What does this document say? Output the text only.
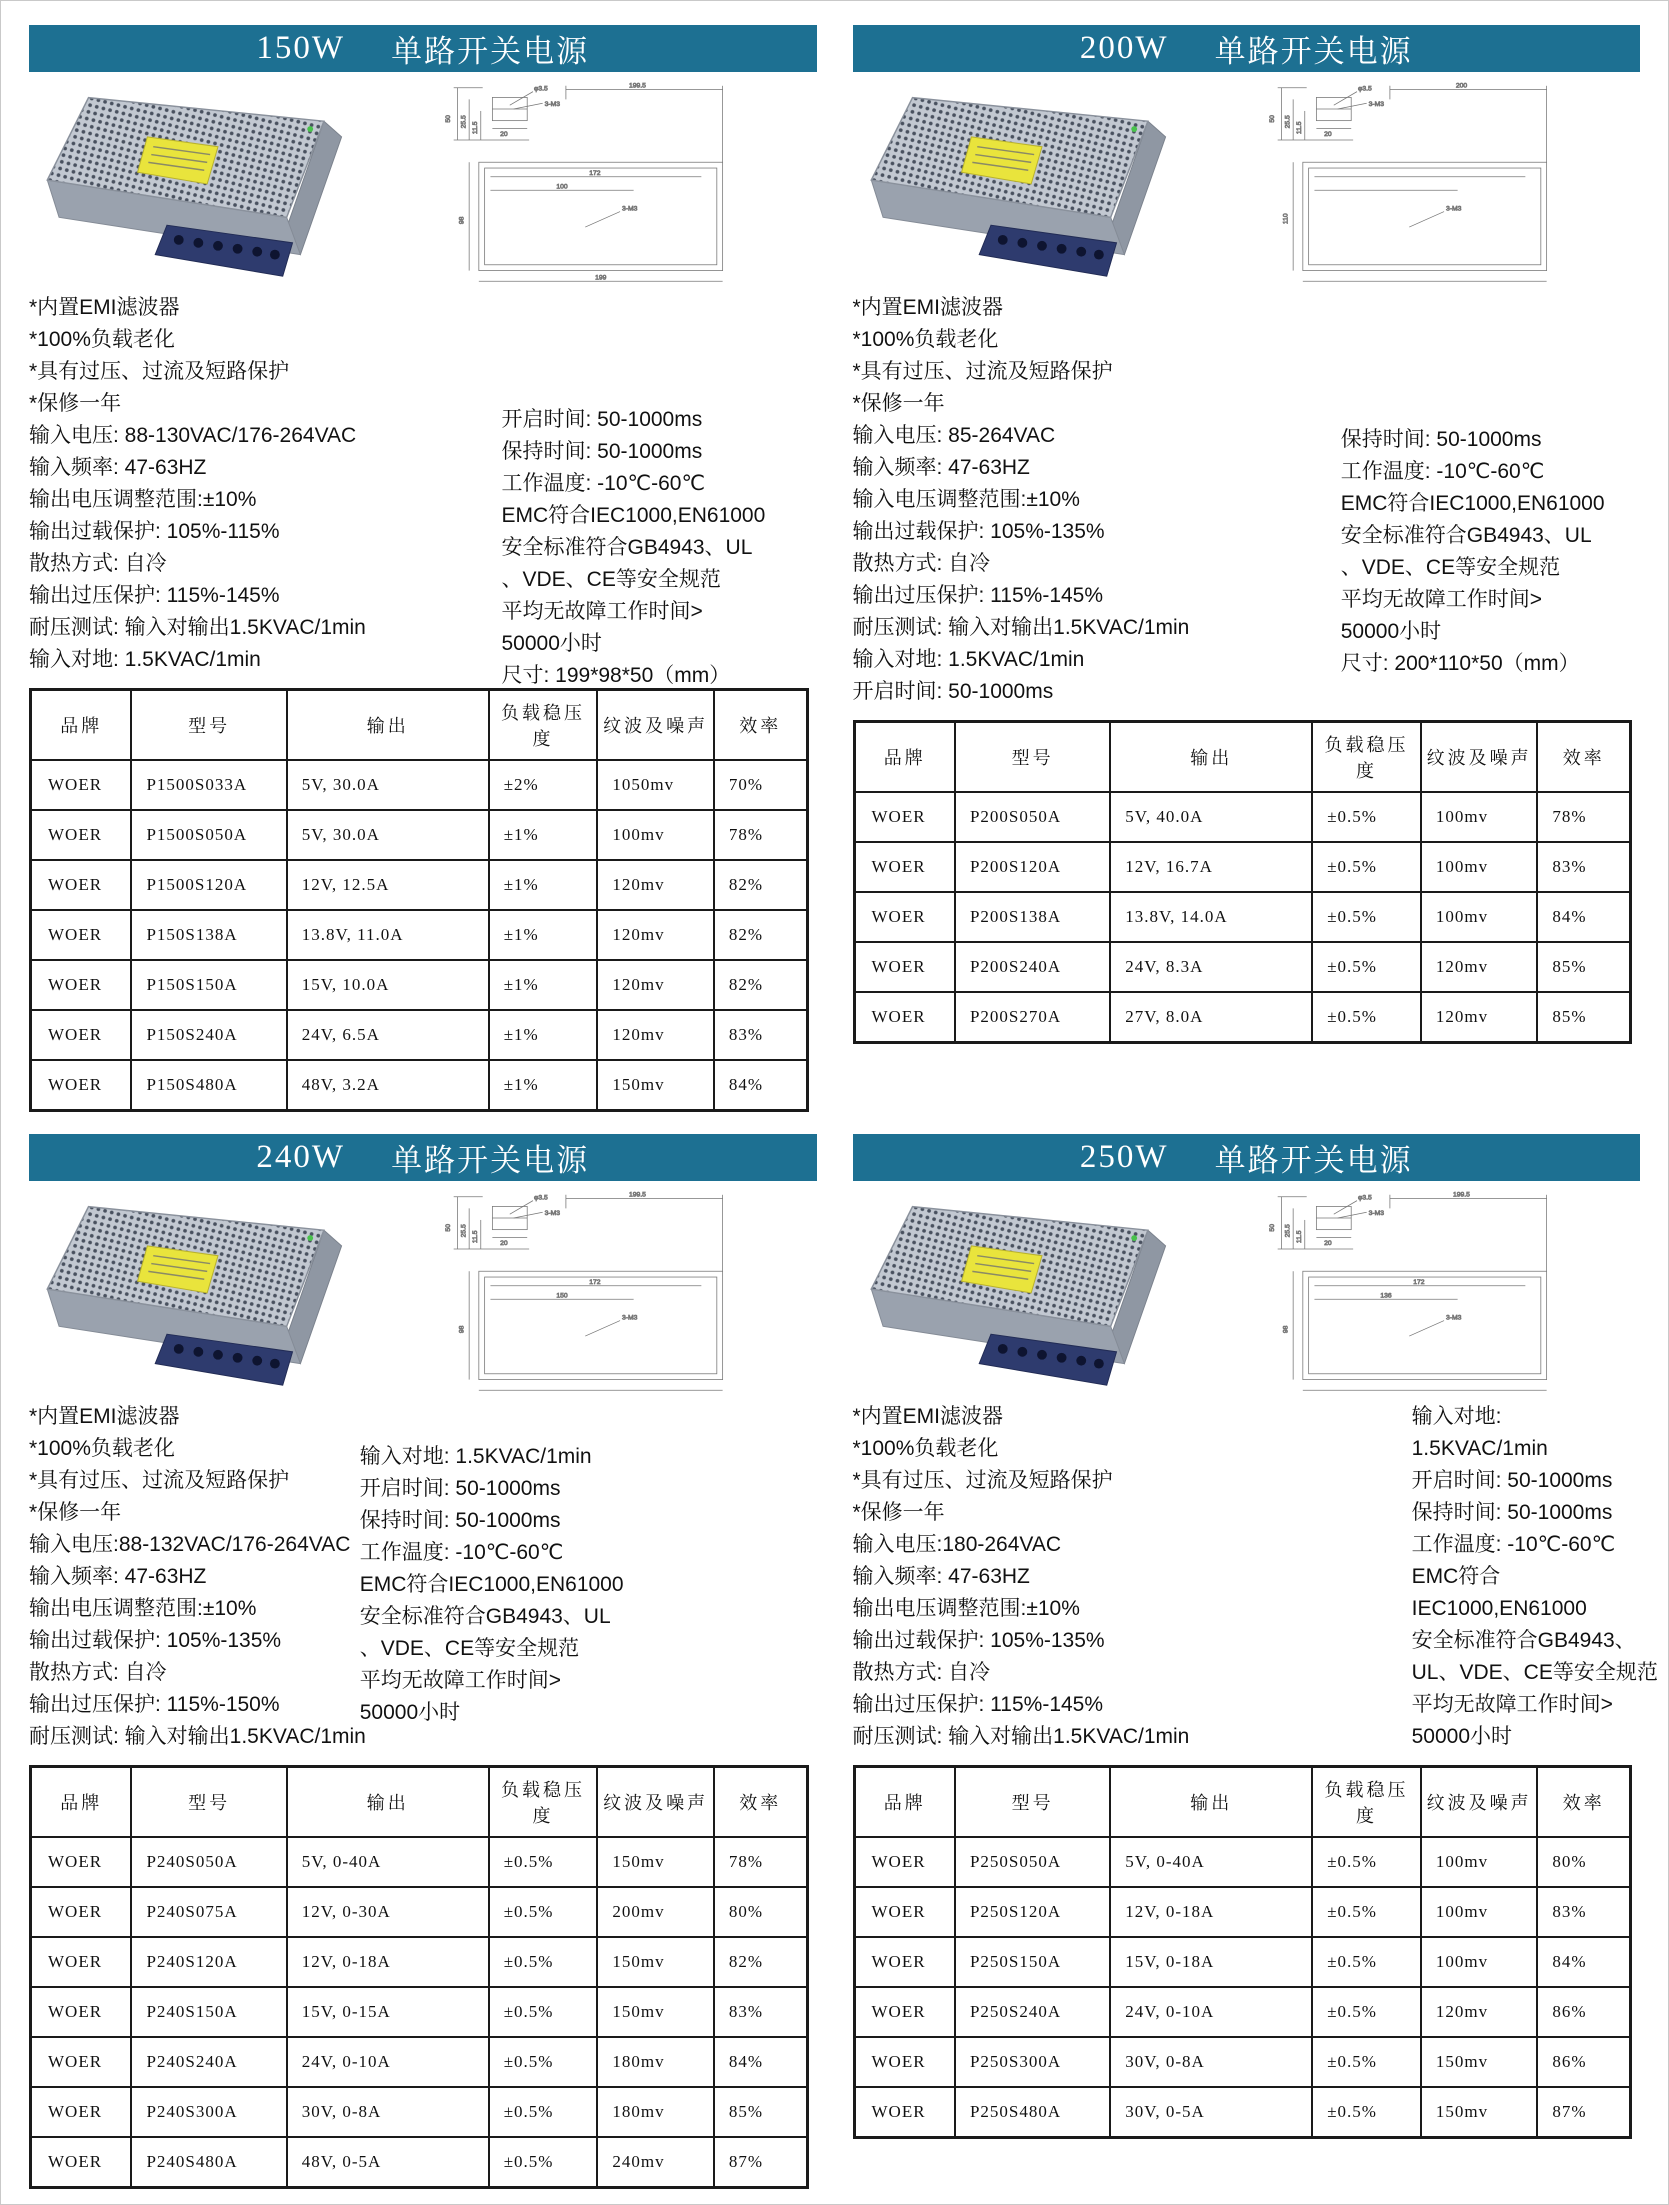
150W 单路开关电源
50 25.5 11.5
20
φ3.5
3-M3
199.5
172
100
98
3-M3
199

*内置EMI滤波器

*100%负载老化

*具有过压、过流及短路保护

*保修一年

输入电压: 88-130VAC/176-264VAC

输入频率: 47-63HZ

输出电压调整范围:±10%

输出过载保护: 105%-115%

散热方式: 自冷

输出过压保护: 115%-145%

耐压测试: 输入对输出1.5KVAC/1min

输入对地: 1.5KVAC/1min

开启时间: 50-1000ms

保持时间: 50-1000ms

工作温度: -10℃-60℃

EMC符合IEC1000,EN61000

安全标准符合GB4943、UL

、VDE、CE等安全规范

平均无故障工作时间>

50000小时

尺寸: 199*98*50（mm）

品牌	型号	输出	负载稳压度	纹波及噪声	效率
WOER	P1500S033A	5V, 30.0A	±2%	1050mv	70%
WOER	P1500S050A	5V, 30.0A	±1%	100mv	78%
WOER	P1500S120A	12V, 12.5A	±1%	120mv	82%
WOER	P150S138A	13.8V, 11.0A	±1%	120mv	82%
WOER	P150S150A	15V, 10.0A	±1%	120mv	82%
WOER	P150S240A	24V, 6.5A	±1%	120mv	83%
WOER	P150S480A	48V, 3.2A	±1%	150mv	84%
200W 单路开关电源
50 25.5 11.5
20
φ3.5
3-M3
200
110
3-M3

*内置EMI滤波器

*100%负载老化

*具有过压、过流及短路保护

*保修一年

输入电压: 85-264VAC

输入频率: 47-63HZ

输入电压调整范围:±10%

输出过载保护: 105%-135%

散热方式: 自冷

输出过压保护: 115%-145%

耐压测试: 输入对输出1.5KVAC/1min

输入对地: 1.5KVAC/1min

开启时间: 50-1000ms

保持时间: 50-1000ms

工作温度: -10℃-60℃

EMC符合IEC1000,EN61000

安全标准符合GB4943、UL

、VDE、CE等安全规范

平均无故障工作时间>

50000小时

尺寸: 200*110*50（mm）

品牌	型号	输出	负载稳压度	纹波及噪声	效率
WOER	P200S050A	5V, 40.0A	±0.5%	100mv	78%
WOER	P200S120A	12V, 16.7A	±0.5%	100mv	83%
WOER	P200S138A	13.8V, 14.0A	±0.5%	100mv	84%
WOER	P200S240A	24V, 8.3A	±0.5%	120mv	85%
WOER	P200S270A	27V, 8.0A	±0.5%	120mv	85%
240W 单路开关电源
50 25.5 11.5
20
φ3.5
3-M3
199.5
172
150
98
3-M3

*内置EMI滤波器

*100%负载老化

*具有过压、过流及短路保护

*保修一年

输入电压:88-132VAC/176-264VAC

输入频率: 47-63HZ

输出电压调整范围:±10%

输出过载保护: 105%-135%

散热方式: 自冷

输出过压保护: 115%-150%

耐压测试: 输入对输出1.5KVAC/1min

输入对地: 1.5KVAC/1min

开启时间: 50-1000ms

保持时间: 50-1000ms

工作温度: -10℃-60℃

EMC符合IEC1000,EN61000

安全标准符合GB4943、UL

、VDE、CE等安全规范

平均无故障工作时间>

50000小时

品牌	型号	输出	负载稳压度	纹波及噪声	效率
WOER	P240S050A	5V, 0-40A	±0.5%	150mv	78%
WOER	P240S075A	12V, 0-30A	±0.5%	200mv	80%
WOER	P240S120A	12V, 0-18A	±0.5%	150mv	82%
WOER	P240S150A	15V, 0-15A	±0.5%	150mv	83%
WOER	P240S240A	24V, 0-10A	±0.5%	180mv	84%
WOER	P240S300A	30V, 0-8A	±0.5%	180mv	85%
WOER	P240S480A	48V, 0-5A	±0.5%	240mv	87%
250W 单路开关电源
50 25.5 11.5
20
φ3.5
3-M3
199.5
172
136
98
3-M3

*内置EMI滤波器

*100%负载老化

*具有过压、过流及短路保护

*保修一年

输入电压:180-264VAC

输入频率: 47-63HZ

输出电压调整范围:±10%

输出过载保护: 105%-135%

散热方式: 自冷

输出过压保护: 115%-145%

耐压测试: 输入对输出1.5KVAC/1min

输入对地:

1.5KVAC/1min

开启时间: 50-1000ms

保持时间: 50-1000ms

工作温度: -10℃-60℃

EMC符合

IEC1000,EN61000

安全标准符合GB4943、

UL、VDE、CE等安全规范

平均无故障工作时间>

50000小时

品牌	型号	输出	负载稳压度	纹波及噪声	效率
WOER	P250S050A	5V, 0-40A	±0.5%	100mv	80%
WOER	P250S120A	12V, 0-18A	±0.5%	100mv	83%
WOER	P250S150A	15V, 0-18A	±0.5%	100mv	84%
WOER	P250S240A	24V, 0-10A	±0.5%	120mv	86%
WOER	P250S300A	30V, 0-8A	±0.5%	150mv	86%
WOER	P250S480A	30V, 0-5A	±0.5%	150mv	87%
